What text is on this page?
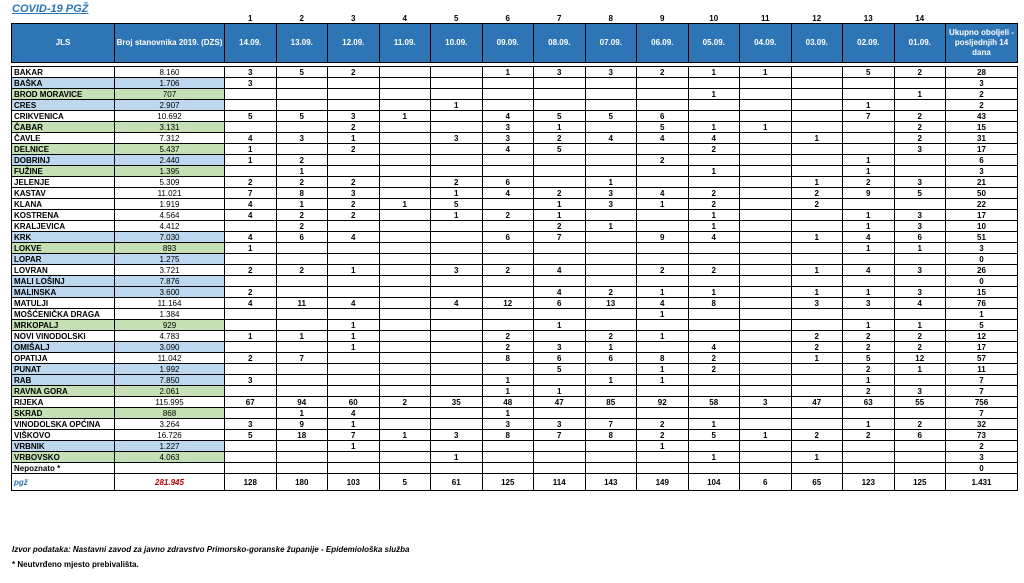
COVID-19 PGŽ

		1	2	3	4	5	6	7	8	9	10	11	12	13	14	
JLS	Broj stanovnika 2019. (DZS)	14.09.	13.09.	12.09.	11.09.	10.09.	09.09.	08.09.	07.09.	06.09.	05.09.	04.09.	03.09.	02.09.	01.09.	Ukupno oboljeli - posljednjih 14 dana

BAKAR	8.160	3	5	2			1	3	3	2	1	1		5	2	28
BAŠKA	1.706	3														3
BROD MORAVICE	707										1				1	2
CRES	2.907					1								1		2
CRIKVENICA	10.692	5	5	3	1		4	5	5	6				7	2	43
ČABAR	3.131			2			3	1		5	1	1			2	15
ČAVLE	7.312	4	3	1		3	3	2	4	4	4		1		2	31
DELNICE	5.437	1		2			4	5			2				3	17
DOBRINJ	2.440	1	2							2				1		6
FUŽINE	1.395		1								1			1		3
JELENJE	5.309	2	2	2		2	6		1				1	2	3	21
KASTAV	11.021	7	8	3		1	4	2	3	4	2		2	9	5	50
KLANA	1.919	4	1	2	1	5		1	3	1	2		2			22
KOSTRENA	4.564	4	2	2		1	2	1			1			1	3	17
KRALJEVICA	4.412		2					2	1		1			1	3	10
KRK	7.030	4	6	4			6	7		9	4		1	4	6	51
LOKVE	893	1												1	1	3
LOPAR	1.275															0
LOVRAN	3.721	2	2	1		3	2	4		2	2		1	4	3	26
MALI LOŠINJ	7.876															0
MALINSKA	3.600	2						4	2	1	1		1	1	3	15
MATULJI	11.164	4	11	4		4	12	6	13	4	8		3	3	4	76
MOŠĆENIČKA DRAGA	1.384									1						1
MRKOPALJ	929			1				1						1	1	5
NOVI VINODOLSKI	4.783	1	1	1			2		2	1			2	2	2	12
OMIŠALJ	3.090			1			2	3	1		4		2	2	2	17
OPATIJA	11.042	2	7				8	6	6	8	2		1	5	12	57
PUNAT	1.992							5		1	2			2	1	11
RAB	7.850	3					1		1	1				1		7
RAVNA GORA	2.061						1	1						2	3	7
RIJEKA	115.995	67	94	60	2	35	48	47	85	92	58	3	47	63	55	756
SKRAD	868		1	4			1									7
VINODOLSKA OPĆINA	3.264	3	9	1			3	3	7	2	1			1	2	32
VIŠKOVO	16.726	5	18	7	1	3	8	7	8	2	5	1	2	2	6	73
VRBNIK	1.227			1						1						2
VRBOVSKO	4.063					1					1		1			3
Nepoznato *																0
pgž	281.945	128	180	103	5	61	125	114	143	149	104	6	65	123	125	1.431

Izvor podataka: Nastavni zavod za javno zdravstvo Primorsko-goranske županije - Epidemiološka služba

* Neutvrđeno mjesto prebivališta.
